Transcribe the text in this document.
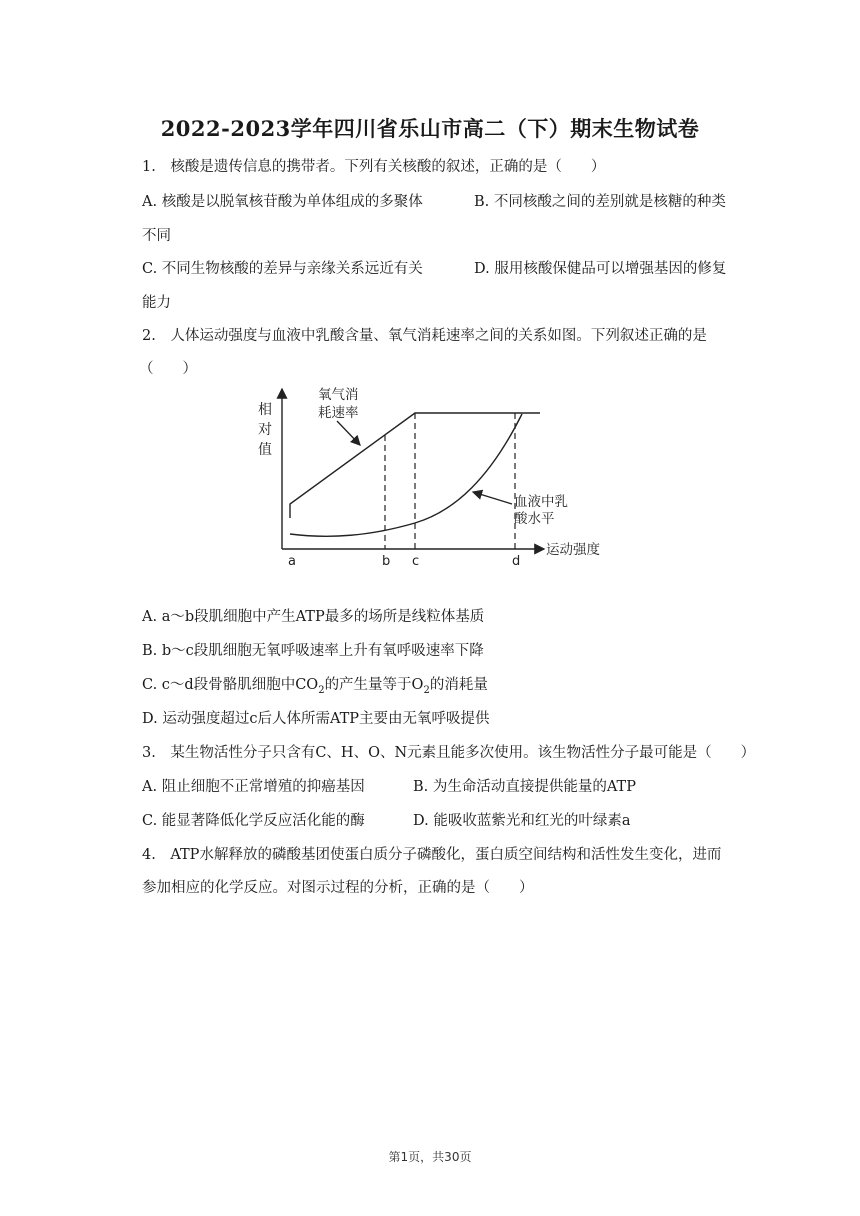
2022-2023学年四川省乐山市高二（下）期末生物试卷
1.　核酸是遗传信息的携带者。下列有关核酸的叙述，正确的是（　　）
A. 核酸是以脱氧核苷酸为单体组成的多聚体	B. 不同核酸之间的差别就是核糖的种类
不同
C. 不同生物核酸的差异与亲缘关系远近有关	D. 服用核酸保健品可以增强基因的修复
能力
2.　人体运动强度与血液中乳酸含量、氧气消耗速率之间的关系如图。下列叙述正确的是
（　　）
相
对
值
氧气消
耗速率
血液中乳
酸水平
运动强度
a	b c	d
A. a～b段肌细胞中产生ATP最多的场所是线粒体基质
B. b～c段肌细胞无氧呼吸速率上升有氧呼吸速率下降
C. c～d段骨骼肌细胞中$CO_2$的产生量等于$O_2$的消耗量
D. 运动强度超过c后人体所需ATP主要由无氧呼吸提供
3.　某生物活性分子只含有C、H、O、N元素且能多次使用。该生物活性分子最可能是（　　）
A. 阻止细胞不正常增殖的抑癌基因	B. 为生命活动直接提供能量的ATP
C. 能显著降低化学反应活化能的酶	D. 能吸收蓝紫光和红光的叶绿素a
4.　ATP水解释放的磷酸基团使蛋白质分子磷酸化，蛋白质空间结构和活性发生变化，进而
参加相应的化学反应。对图示过程的分析，正确的是（　　）
第1页，共30页
